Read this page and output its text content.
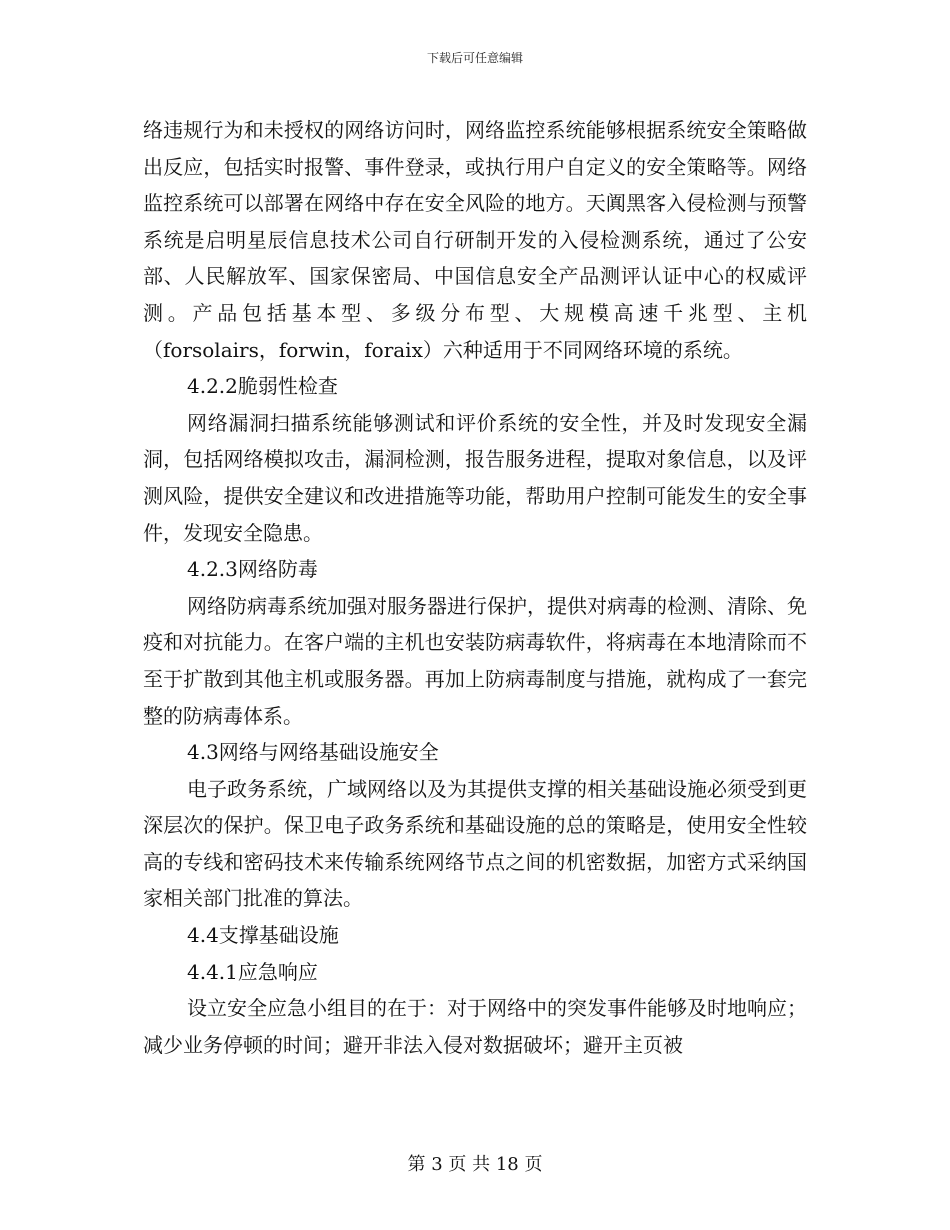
下载后可任意编辑

络违规行为和未授权的网络访问时，网络监控系统能够根据系统安全策略做出反应，包括实时报警、事件登录，或执行用户自定义的安全策略等。网络监控系统可以部署在网络中存在安全风险的地方。天阗黑客入侵检测与预警系统是启明星辰信息技术公司自行研制开发的入侵检测系统，通过了公安部、人民解放军、国家保密局、中国信息安全产品测评认证中心的权威评测。产品包括基本型、多级分布型、大规模高速千兆型、主机（forsolairs，forwin，foraix）六种适用于不同网络环境的系统。

4.2.2脆弱性检查

网络漏洞扫描系统能够测试和评价系统的安全性，并及时发现安全漏洞，包括网络模拟攻击，漏洞检测，报告服务进程，提取对象信息，以及评测风险，提供安全建议和改进措施等功能，帮助用户控制可能发生的安全事件，发现安全隐患。

4.2.3网络防毒

网络防病毒系统加强对服务器进行保护，提供对病毒的检测、清除、免疫和对抗能力。在客户端的主机也安装防病毒软件，将病毒在本地清除而不至于扩散到其他主机或服务器。再加上防病毒制度与措施，就构成了一套完整的防病毒体系。

4.3网络与网络基础设施安全

电子政务系统，广域网络以及为其提供支撑的相关基础设施必须受到更深层次的保护。保卫电子政务系统和基础设施的总的策略是，使用安全性较高的专线和密码技术来传输系统网络节点之间的机密数据，加密方式采纳国家相关部门批准的算法。

4.4支撑基础设施

4.4.1应急响应

设立安全应急小组目的在于：对于网络中的突发事件能够及时地响应；减少业务停顿的时间；避开非法入侵对数据破坏；避开主页被

第 3 页 共 18 页
